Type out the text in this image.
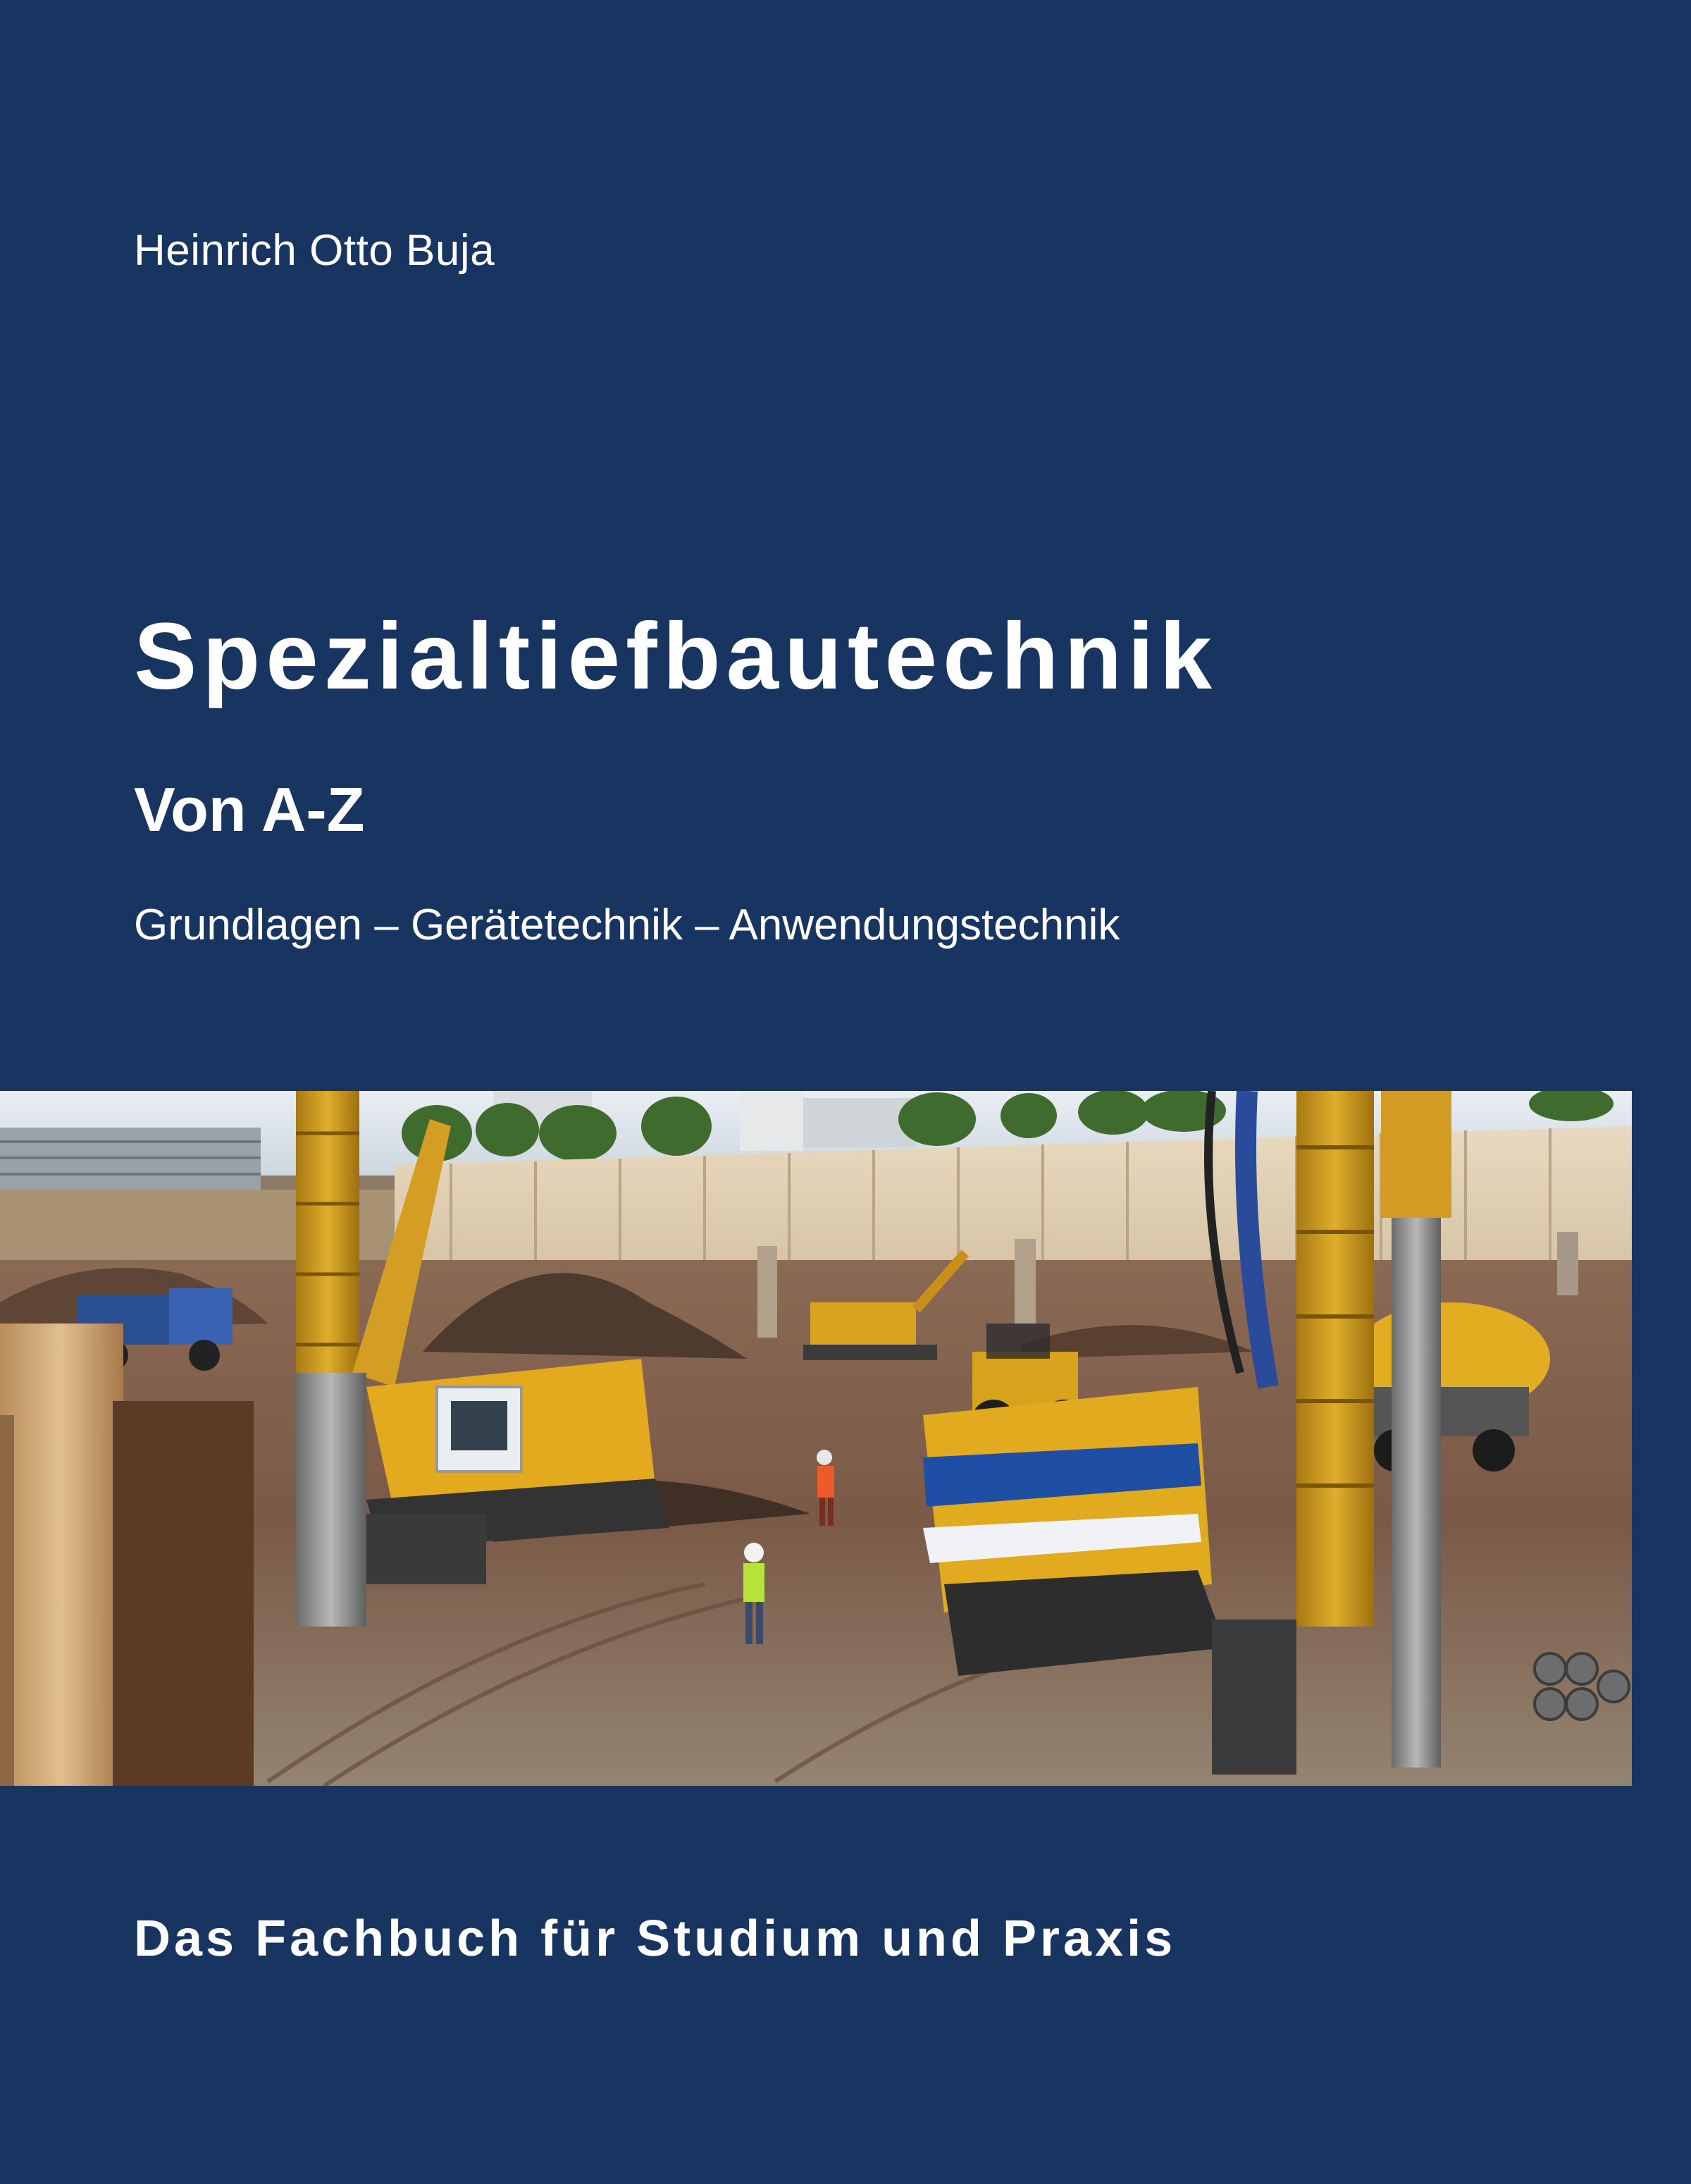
Heinrich Otto Buja
Spezialtiefbautechnik
Von A-Z
Grundlagen – Gerätetechnik – Anwendungstechnik
Das Fachbuch für Studium und Praxis
